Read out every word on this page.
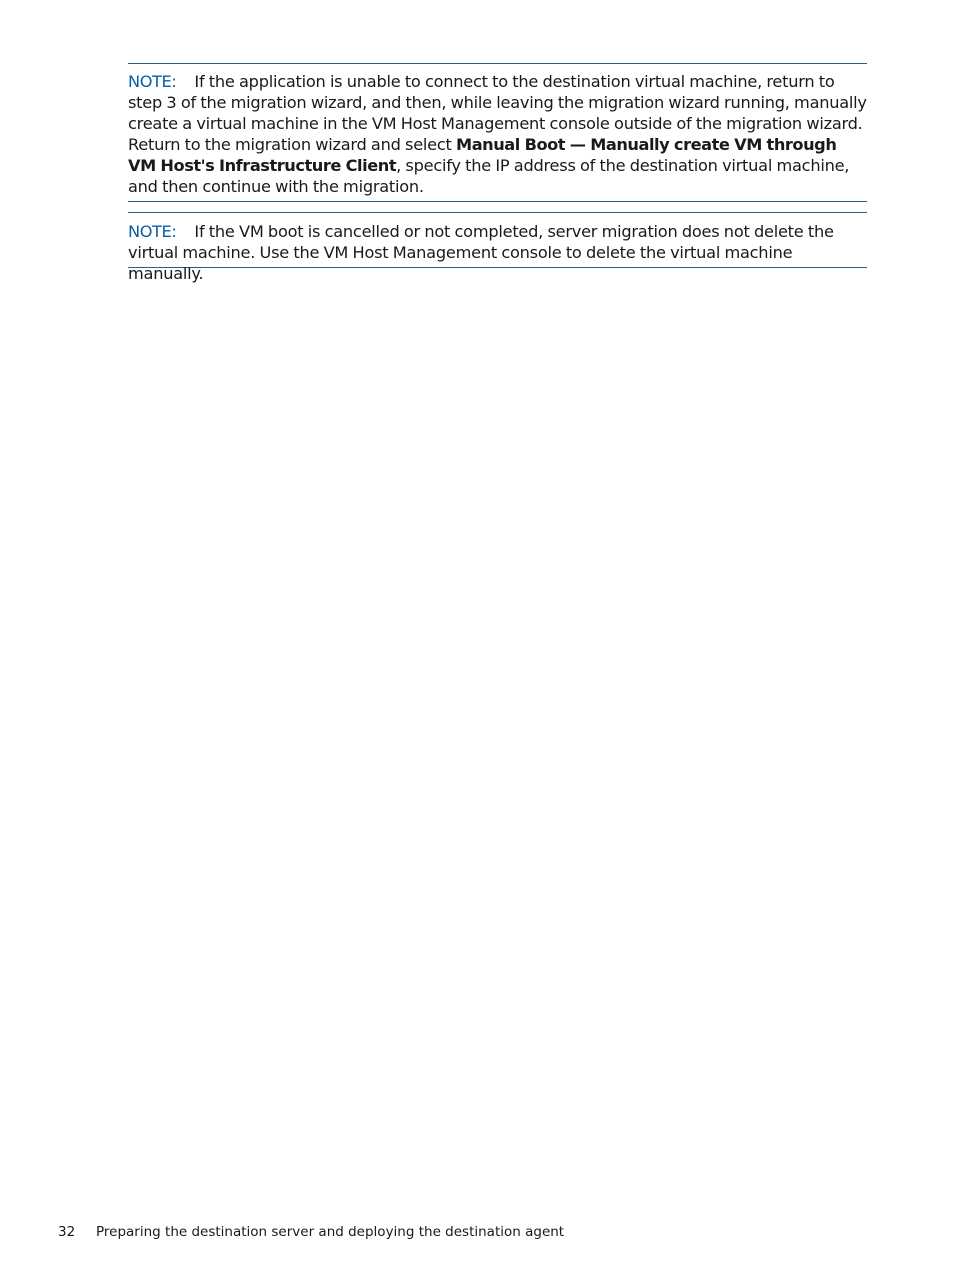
NOTE: If the application is unable to connect to the destination virtual machine, return to step 3 of the migration wizard, and then, while leaving the migration wizard running, manually create a virtual machine in the VM Host Management console outside of the migration wizard. Return to the migration wizard and select Manual Boot — Manually create VM through VM Host's Infrastructure Client, specify the IP address of the destination virtual machine, and then continue with the migration.
NOTE: If the VM boot is cancelled or not completed, server migration does not delete the virtual machine. Use the VM Host Management console to delete the virtual machine manually.
32 Preparing the destination server and deploying the destination agent
